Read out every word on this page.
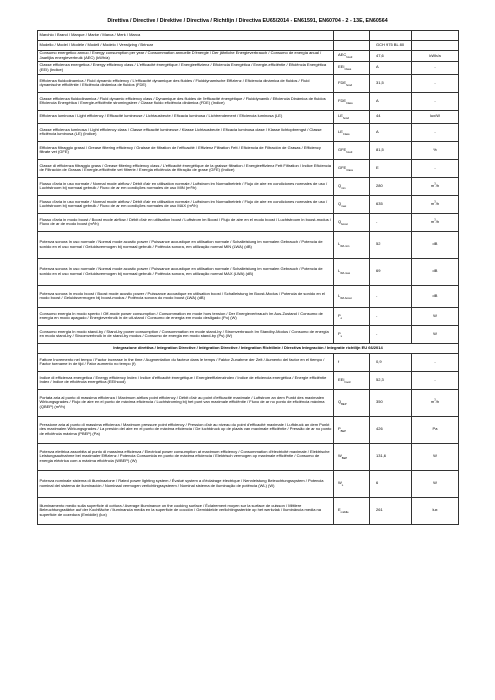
Direttiva / Directive / Direktive / Directiva / Richtlijn / Directiva EU65/2014 - EN61591, EN60704 - 2 - 13E, EN60564
Marchio / Brand / Marque / Marke / Marca / Merk / Marca			
Modello / Model / Modèle / Modell / Modelo / Verwijzing / Brincar		GCH 975 BL 80	
Consumo energetico annuo / Energy consumption per year / Consommation annuelle D'énergie / Der jährliche Energieverbrauch / Consumo de energía anual / Jaarlijks energieverbruik (AEC) (kWh/a)	$AEC_{hood}$	47,6	kWh/a
Classe efficienza energetica / Energy efficiency class / L'efficacité énergétique / Energieeffizienz / Eficiencia Energética / Energie-efficiëntie / Eficiência Energética (EEI) (Indice)	$EEI_{Class}$	A	-
Efficienza fluidodinamica / Fluid dynamic efficiency / L'efficacité dynamique des fluides / Fluiddynamische Effizienz / Eficiencia dinámica de fluidos / Fluid dynamische efficiëntie / Eficiência dinâmica de fluidos (FDE)	$FDE_{hood}$	31,5	-
Classe efficienza fluidodinamica / Fluid dynamic efficiency class / Dynamique des fluides de l'efficacité énergétique / Fluiddynamik / Eficiencia Dinámica de fluidos Eficiencia Energética / Energie-efficiëntie stromingsleer / Classe fluido eficiência dinâmica (FDE) (Indice)	$FDE_{Class}$	A	-
Efficienza luminosa / Light efficiency / Efficacité lumineuse / Lichtausbeute / Eficacia luminosa / Lichtrendement / Eficiencia luminosa (LE)	$LE_{hood}$	44	lux/W
Classe efficienza luminosa / Light efficiency class / Classe efficacité lumineuse / Klasse Lichtausbeute / Eficacia luminosa clase / Klasse lichtopbrengst / Classe eficiência luminosa (LE) (Indice)	$LE_{Class}$	A	-
Efficienza filtraggio grassi / Grease filtering efficiency / Graisse de filtration de l'efficacité / Effizienz Filtration Fett / Eficiencia de Filtración de Grasas / Efficiency filtrate vet (GFE)	$GFE_{hood}$	81,5	%
Classe di efficienza filtraggio grass / Grease filtering efficiency class / L'efficacité énergétique de la graisse filtration / Energieeffizienz Fett Filtration / Indice Eficiencia de Filtración de Grasas / Energie-efficiëntie vet filtrerie / Energia eficiência de filtração de grase (GFE) (Indice)	$GFE_{Class}$	E	-
Flusso d'aria in uso normale / Normal mode airflow / Débit d'air en utilisation normale / Luftstrom im Normalbetrieb / Flujo de aire en condiciones normales de uso / Luchtstroom bij normaal gebruik / Fluxo de ar em condições normales de uso MIN (m³/h)	$Q_{min}$	280	$m^3/h$
Flusso d'aria in uso normale / Normal mode airflow / Débit d'air en utilisation normale / Luftstrom im Normalbetrieb / Flujo de aire en condiciones normales de uso / Luchtstroom bij normaal gebruik / Fluxo de ar em condições normales de uso MAX (m³/h)	$Q_{max}$	635	$m^3/h$
Flusso d'aria in modo boost / Boost mode airflow / Débit d'air en utilisation boost / Luftstrom im Boost / Flujo de aire en el modo boost / Luchtstroom in boost-modus / Fluxo de ar de modo boost (m³/h)	$Q_{boost}$	-	$m^3/h$
Potenza sonora In uso normale / Normal mode acustic power / Puissance acoustique en utilisation normale / Schalleistung im normalen Gebrauch / Potencia de sonido en el uso normal / Geluidsvermogen bij normaal gebruik / Potência sonora, em utilização normal MIN (LWA) (dB)	$L_{WA min}$	52	dB
Potenza sonora In uso normale / Normal mode acustic power / Puissance acoustique en utilisation normale / Schalleistung im normalen Gebrauch / Potencia de sonido en el uso normal / Geluidsvermogen bij normaal gebruik / Potência sonora, em utilização normal MAX (LWA) (dB)	$L_{WA max}$	69	dB
Potenza sonora In modo boost / Boost mode acustic power / Puissance acoustique en utilisation boost / Schalleistung im Boost-Modus / Potencia de sonido en el modo boost / Geluidsvermogen bij boost-modus / Potência sonora do modo boost (LWA) (dB)	$L_{WA boost}$	-	dB
Consumo energia In modo spento / Off-mode power consumption / Consommation en mode hors tension / Der Energieverbrauch Im Aus-Zustand / Consumo de energía en modo apagado / Energieverbruik in de uit-stand / Consumo de energia em modo desligado (Po) (W)	$P_o$	-	W
Consumo energia In modo stand-by / Stand-by power consumption / Consommation en mode stand-by / Stromverbrauch Im Standby-Modus / Consumo de energía en modo stand-by / Stroomverbruik in de stand-by modus / Consumo de energia em modo stand-by (Ps) (W)	$P_s$	-	W
Integrazione direttiva / Integration Directive / Intégration Directive / Integration Richtlinie / Directiva Integración / Integratie richtlijn EU 66/2014			
Fattore Incremento nel tempo / Factor increase in the time / Augmentation du facteur dans le temps / Faktor Zunahme der Zeit / Aumento del factor en el tiempo / Factor toename in de tijd / Fator aumento no tempo (f)	f	0,9	-
Indice di efficienza energetica / Energy efficiency Index / Indice d'efficacité énergétique / Energieeffizienzindex / Indice de eficiencia energética / Energie efficiëntie Index / Indice de eficiência energética (EEIhood)	$EEI_{hood}$	52,3	-
Portata aria al punto di massima efficienza / Maximum airflow point efficiency / Débit d'air au point d'efficacité maximale / Luftstrom an dem Punkt des maximalen Wirkungsgrades / Flujo de aire en el punto de máxima eficiencia / Luchtstroming bij het punt van maximale efficiëntie / Fluxo de ar no ponto de eficiência máxima (QBEP) (m³/h)	$Q_{BEP}$	350	$m^3/h$
Pressione aria al punto di massima efficienza / Maximum pressure point efficiency / Pression d'air au niveau du point d'efficacité maximale / Luftdruck an dem Punkt des maximalen Wirkungsgrades / La presión del aire en el punto de máxima eficiencia / De luchtdruck op de plaats van maximale efficiëntie / Pressão de ar no ponto de eficiência máxima (PBEP) (Pa)	$P_{BEP}$	426	Pa
Potenza elettrica assorbita al punto di massima efficienza / Electrical power consumption at maximum efficiency / Consommation d'électricité maximale / Elektrische Leistungsaufnahme bei maximaler Effizienz / Potencia Consumida en punto de máxima eficiencia / Elektrisch vermogen op maximale efficiëntie / Consumo de energia eléctrica com a máxima eficiência (WBEP) (W)	$W_{BEP}$	131,6	W
Potenza nominale sistema di illuminazione / Rated power lighting system / Évalué system a d'éclairage électrique / Nennleistung Beleuchtungssystem / Potencia nominal del sistema de iluminación / Nominaal vermogen verlichtingssysteem / Nominal sistema de iluminação de potência (WL) (W)	$W_L$	6	W
Illuminamento medio sulla superficie di cottura / Average illuminance on the cooking surface / Éclairement moyen sur la surface de cuisson / Mittlere Beleuchtungsstärke auf der Kochfläche / Iluminancia media en la superficie de cocción / Gemiddelde verlichtingssterkte op het werkvlak / Iluminância media na superficie de cozedura (Emiddle) (lux)	$E_{middle}$	261	lux
